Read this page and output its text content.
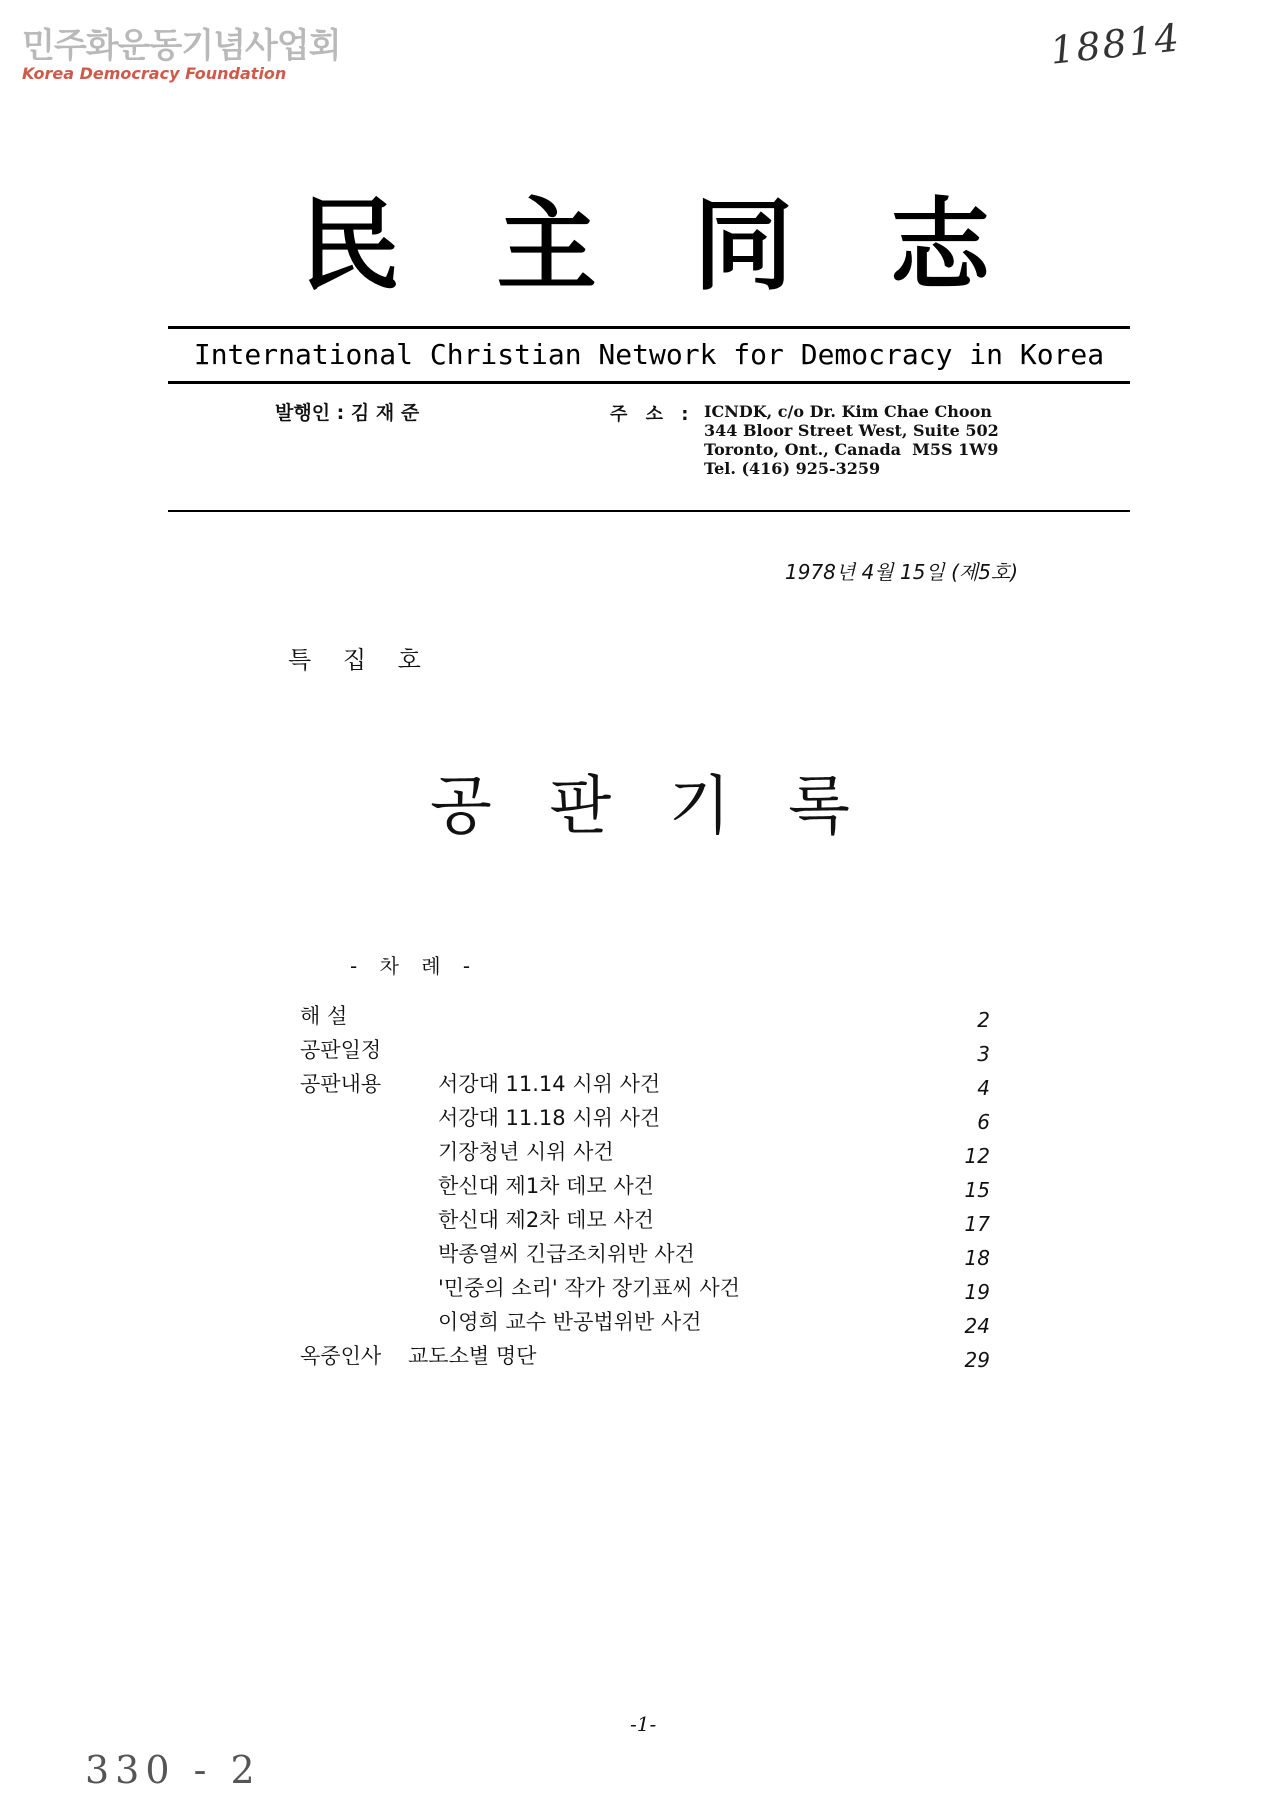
민주화운동기념사업회
Korea Democracy Foundation
18814
民 主 同 志
International Christian Network for Democracy in Korea
발행인 : 김 재 준	주 소 : ICNDK, c/o Dr. Kim Chae Choon
344 Bloor Street West, Suite 502
Toronto, Ont., Canada  M5S 1W9
Tel. (416) 925-3259
1978년 4월 15일 (제5호)
특 집 호
공 판 기 록
- 차 례 -
해 설	2
공판일정	3
공판내용	서강대 11.14 시위 사건	4
서강대 11.18 시위 사건	6
기장청년 시위 사건	12
한신대 제1차 데모 사건	15
한신대 제2차 데모 사건	17
박종열씨 긴급조치위반 사건	18
'민중의 소리' 작가 장기표씨 사건	19
이영희 교수 반공법위반 사건	24
옥중인사 교도소별 명단	29
-1-
330 - 2
